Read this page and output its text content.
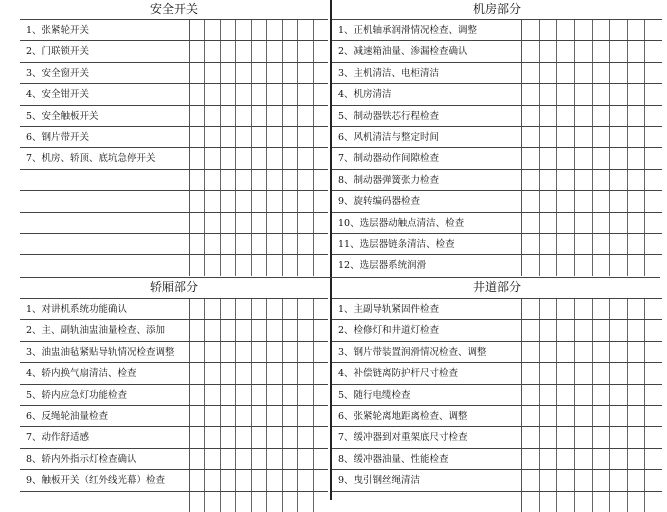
安全开关
1、张紧轮开关
2、门联锁开关
3、安全窗开关
4、安全钳开关
5、安全触板开关
6、钢片带开关
7、机房、轿顶、底坑急停开关
轿厢部分
1、对讲机系统功能确认
2、主、副轨油盅油量检查、添加
3、油盅油毡紧贴导轨情况检查调整
4、轿内换气扇清洁、检查
5、轿内应急灯功能检查
6、反绳轮油量检查
7、动作舒适感
8、轿内外指示灯检查确认
9、触板开关（红外线光幕）检查
机房部分
1、正机轴承润滑情况检查、调整
2、减速箱油量、渗漏检查确认
3、主机清洁、电柜清洁
4、机房清洁
5、制动器铁芯行程检查
6、风机清洁与整定时间
7、制动器动作间隙检查
8、制动器弹簧张力检查
9、旋转编码器检查
10、选层器动触点清洁、检查
11、选层器链条清洁、检查
12、选层器系统润滑
井道部分
1、主副导轨紧固件检查
2、检修灯和井道灯检查
3、钢片带装置润滑情况检查、调整
4、补偿链离防护杆尺寸检查
5、随行电缆检查
6、张紧轮离地距离检查、调整
7、缓冲器到对重架底尺寸检查
8、缓冲器油量、性能检查
9、曳引钢丝绳清洁
